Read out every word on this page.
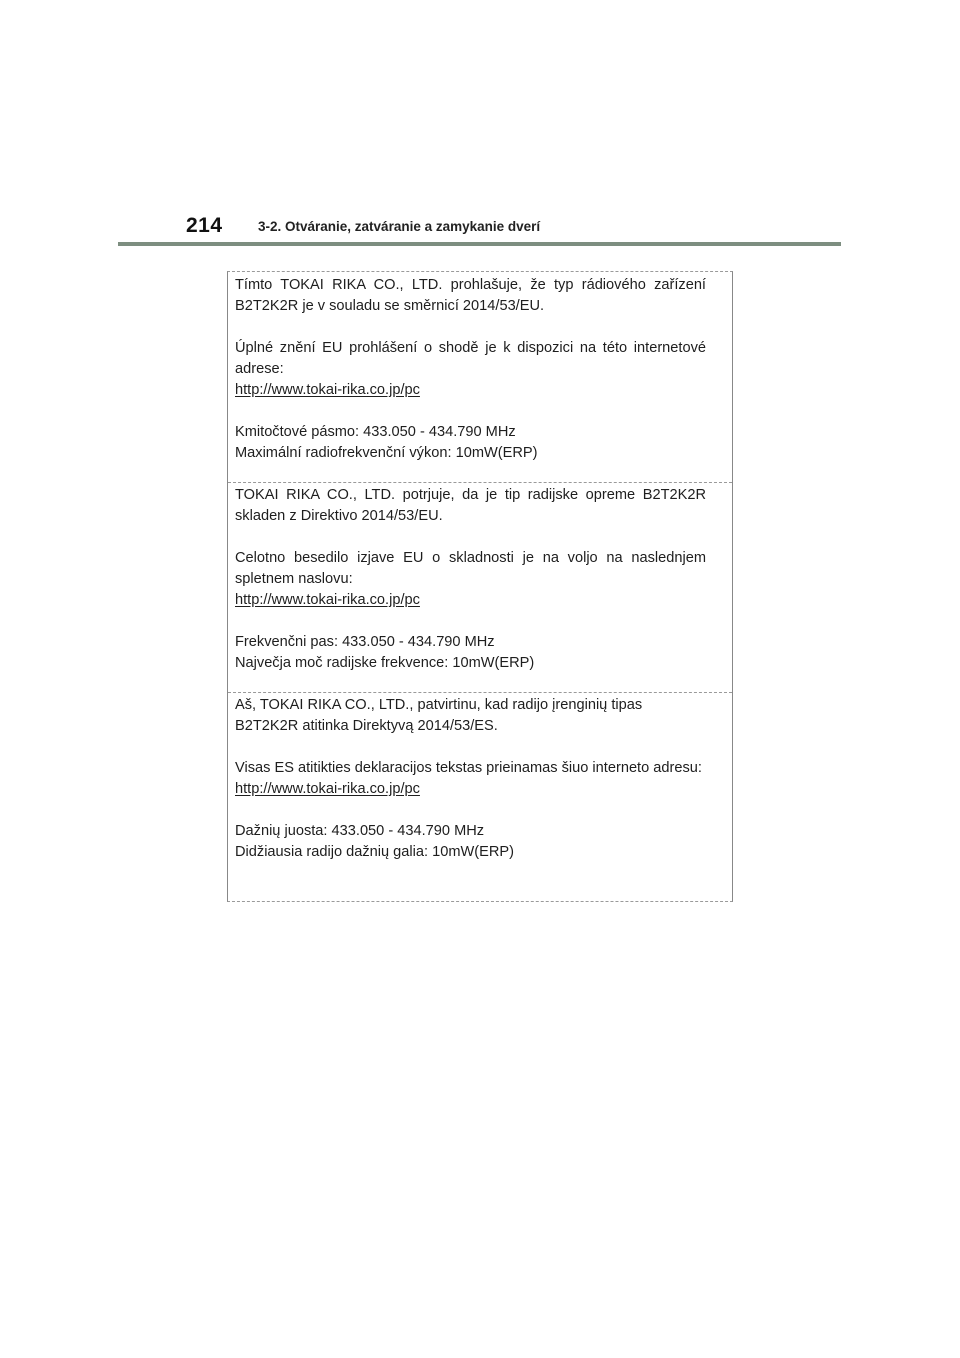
214	3-2. Otváranie, zatváranie a zamykanie dverí

Tímto TOKAI RIKA CO., LTD. prohlašuje, že typ rádiového zařízení B2T2K2R je v souladu se směrnicí 2014/53/EU.

Úplné znění EU prohlášení o shodě je k dispozici na této internetové adrese:

http://www.tokai-rika.co.jp/pc

Kmitočtové pásmo: 433.050 - 434.790 MHz

Maximální radiofrekvenční výkon: 10mW(ERP)

TOKAI RIKA CO., LTD. potrjuje, da je tip radijske opreme B2T2K2R skladen z Direktivo 2014/53/EU.

Celotno besedilo izjave EU o skladnosti je na voljo na naslednjem spletnem naslovu:

http://www.tokai-rika.co.jp/pc

Frekvenčni pas: 433.050 - 434.790 MHz

Največja moč radijske frekvence: 10mW(ERP)

Aš, TOKAI RIKA CO., LTD., patvirtinu, kad radijo įrenginių tipas B2T2K2R atitinka Direktyvą 2014/53/ES.

Visas ES atitikties deklaracijos tekstas prieinamas šiuo interneto adresu:

http://www.tokai-rika.co.jp/pc

Dažnių juosta: 433.050 - 434.790 MHz

Didžiausia radijo dažnių galia: 10mW(ERP)
